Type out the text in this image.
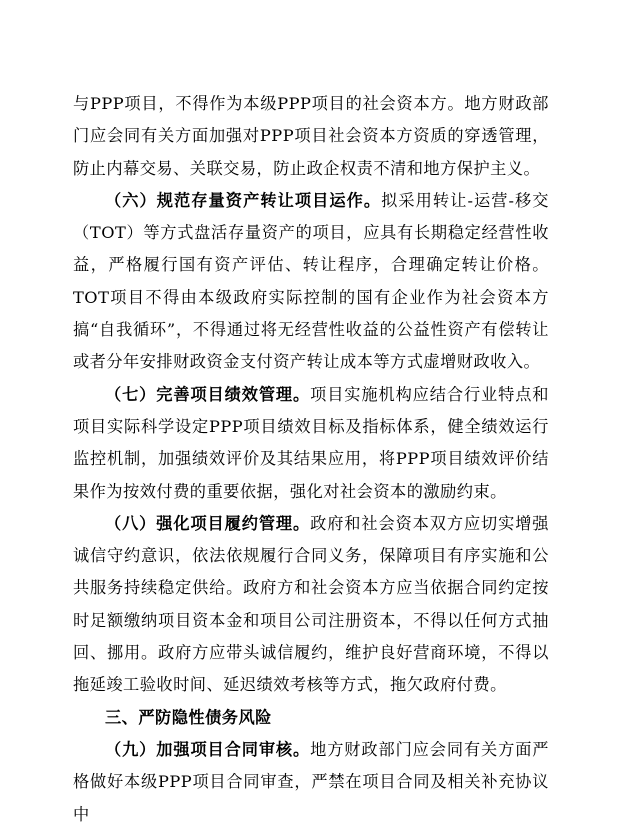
与PPP项目，不得作为本级PPP项目的社会资本方。地方财政部门应会同有关方面加强对PPP项目社会资本方资质的穿透管理，防止内幕交易、关联交易，防止政企权责不清和地方保护主义。

（六）规范存量资产转让项目运作。拟采用转让-运营-移交（TOT）等方式盘活存量资产的项目，应具有长期稳定经营性收益，严格履行国有资产评估、转让程序，合理确定转让价格。TOT项目不得由本级政府实际控制的国有企业作为社会资本方搞“自我循环”，不得通过将无经营性收益的公益性资产有偿转让或者分年安排财政资金支付资产转让成本等方式虚增财政收入。

（七）完善项目绩效管理。项目实施机构应结合行业特点和项目实际科学设定PPP项目绩效目标及指标体系，健全绩效运行监控机制，加强绩效评价及其结果应用，将PPP项目绩效评价结果作为按效付费的重要依据，强化对社会资本的激励约束。

（八）强化项目履约管理。政府和社会资本双方应切实增强诚信守约意识，依法依规履行合同义务，保障项目有序实施和公共服务持续稳定供给。政府方和社会资本方应当依据合同约定按时足额缴纳项目资本金和项目公司注册资本，不得以任何方式抽回、挪用。政府方应带头诚信履约，维护良好营商环境，不得以拖延竣工验收时间、延迟绩效考核等方式，拖欠政府付费。

三、严防隐性债务风险

（九）加强项目合同审核。地方财政部门应会同有关方面严格做好本级PPP项目合同审查，严禁在项目合同及相关补充协议中
